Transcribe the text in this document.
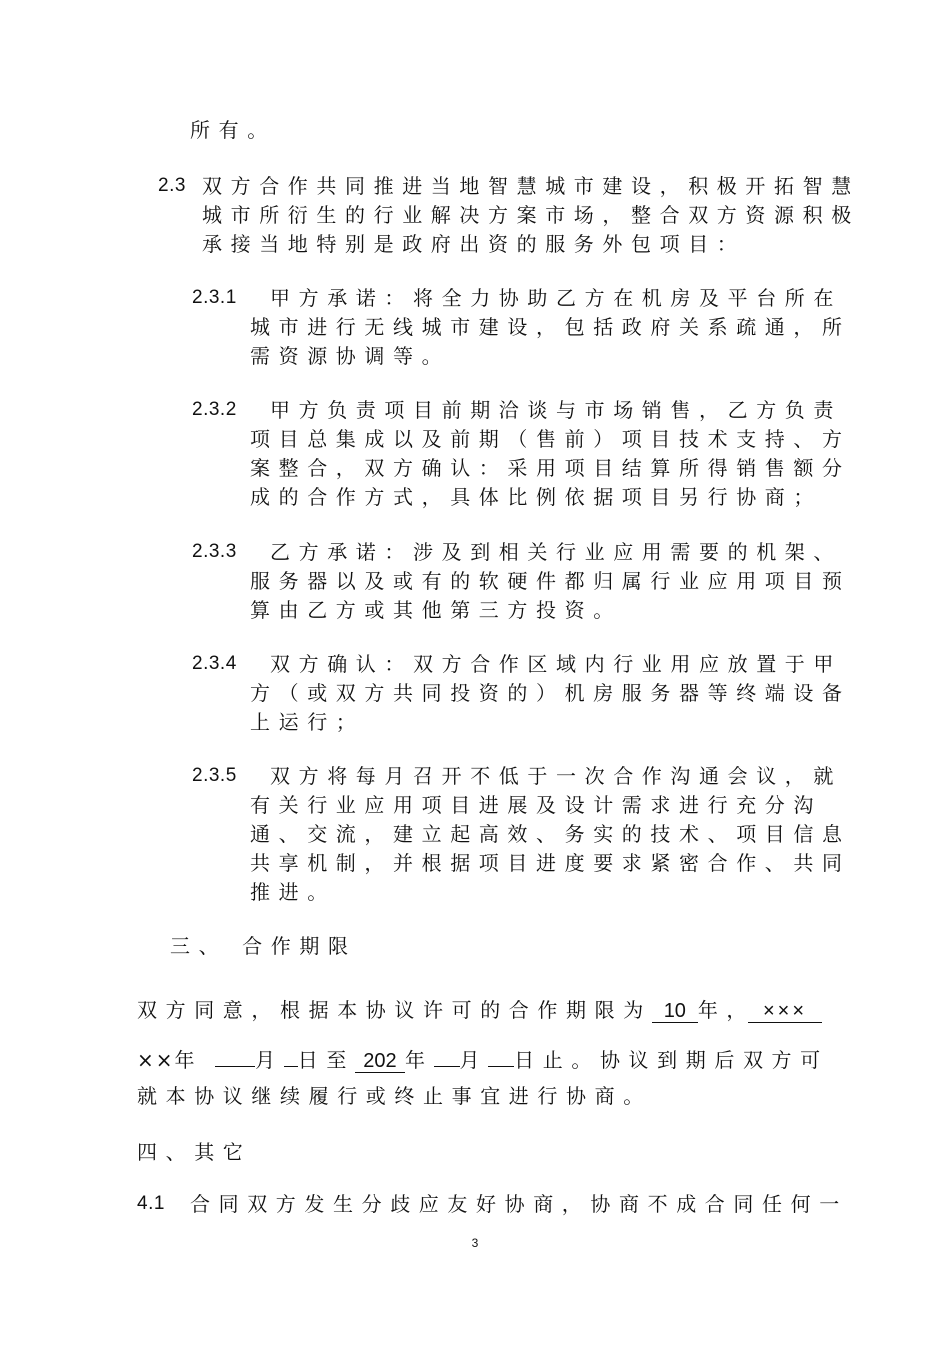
所有。
2.3 双方合作共同推进当地智慧城市建设，积极开拓智慧
城市所衍生的行业解决方案市场，整合双方资源积极
承接当地特别是政府出资的服务外包项目：
2.3.1 甲方承诺：将全力协助乙方在机房及平台所在
城市进行无线城市建设，包括政府关系疏通，所
需资源协调等。
2.3.2 甲方负责项目前期洽谈与市场销售，乙方负责
项目总集成以及前期（售前）项目技术支持、方
案整合，双方确认：采用项目结算所得销售额分
成的合作方式，具体比例依据项目另行协商；
2.3.3 乙方承诺：涉及到相关行业应用需要的机架、
服务器以及或有的软硬件都归属行业应用项目预
算由乙方或其他第三方投资。
2.3.4 双方确认：双方合作区域内行业用应放置于甲
方（或双方共同投资的）机房服务器等终端设备
上运行；
2.3.5 双方将每月召开不低于一次合作沟通会议，就
有关行业应用项目进展及设计需求进行充分沟
通、交流，建立起高效、务实的技术、项目信息
共享机制，并根据项目进度要求紧密合作、共同
推进。
三、 合作期限
双方同意，根据本协议许可的合作期限为 10 年， ×××
××年	月 日至 202 年 月 日止。协议到期后双方可
就本协议继续履行或终止事宜进行协商。
四、其它
4.1 合同双方发生分歧应友好协商，协商不成合同任何一
3
